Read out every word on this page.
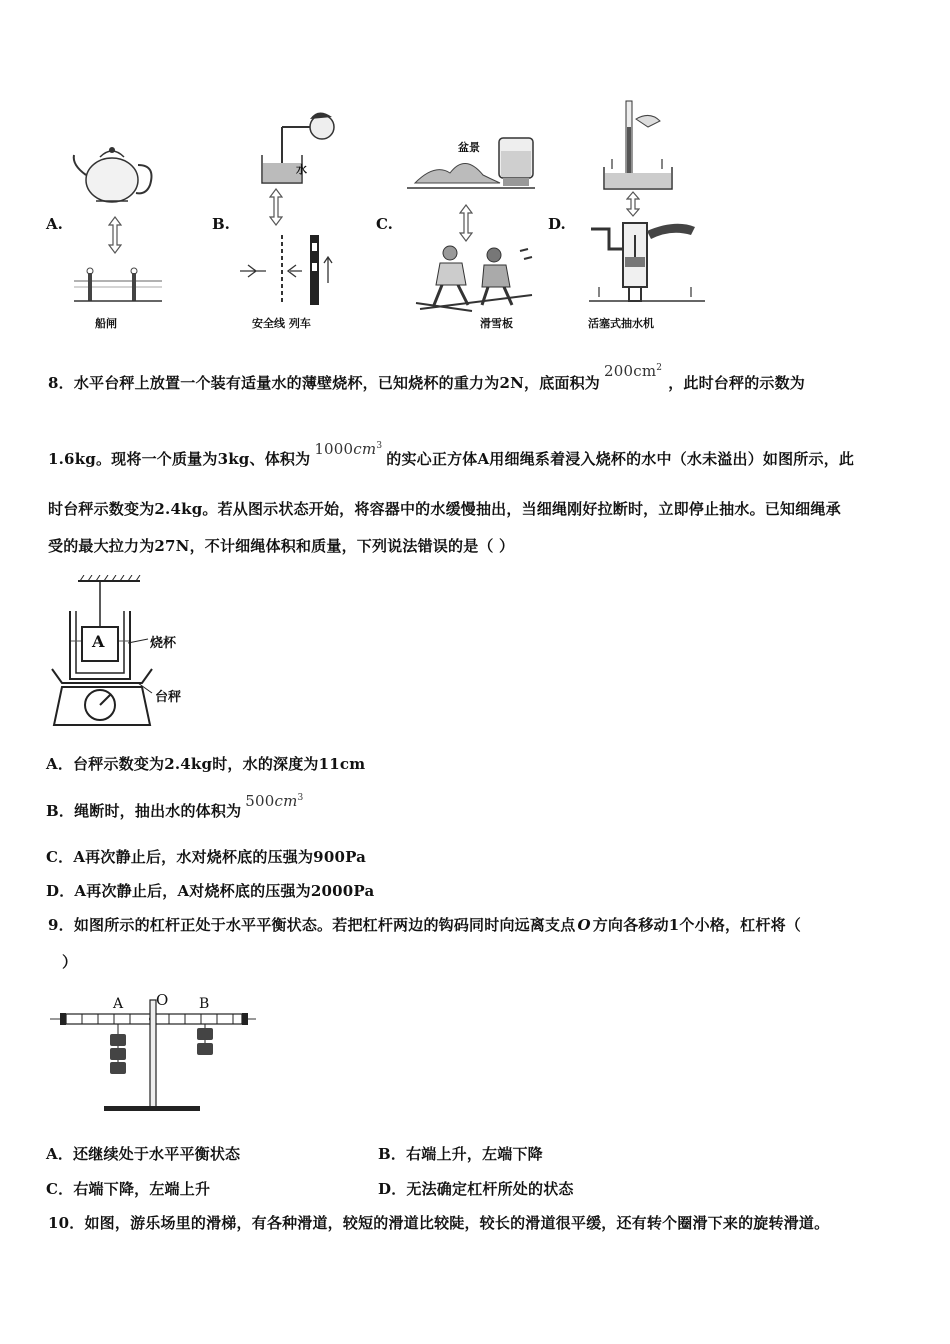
A.
船闸
B.
水
安全线 列车
C.
盆景
滑雪板
D.
活塞式抽水机
8．水平台秤上放置一个装有适量水的薄壁烧杯，已知烧杯的重力为2N，底面积为$200cm^2$，此时台秤的示数为
1.6kg。现将一个质量为3kg、体积为$1000cm^3$的实心正方体A用细绳系着浸入烧杯的水中（水未溢出）如图所示，此
时台秤示数变为2.4kg。若从图示状态开始，将容器中的水缓慢抽出，当细绳刚好拉断时，立即停止抽水。已知细绳承
受的最大拉力为27N，不计细绳体积和质量，下列说法错误的是（ ）
A	烧杯
台秤
A．台秤示数变为2.4kg时，水的深度为11cm
B．绳断时，抽出水的体积为$500cm^3$
C．A再次静止后，水对烧杯底的压强为900Pa
D．A再次静止后，A对烧杯底的压强为2000Pa
9．如图所示的杠杆正处于水平平衡状态。若把杠杆两边的钩码同时向远离支点 O 方向各移动1个小格，杠杆将（
）
A O B
A．还继续处于水平平衡状态	B．右端上升，左端下降
C．右端下降，左端上升	D．无法确定杠杆所处的状态
10．如图，游乐场里的滑梯，有各种滑道，较短的滑道比较陡，较长的滑道很平缓，还有转个圈滑下来的旋转滑道。
